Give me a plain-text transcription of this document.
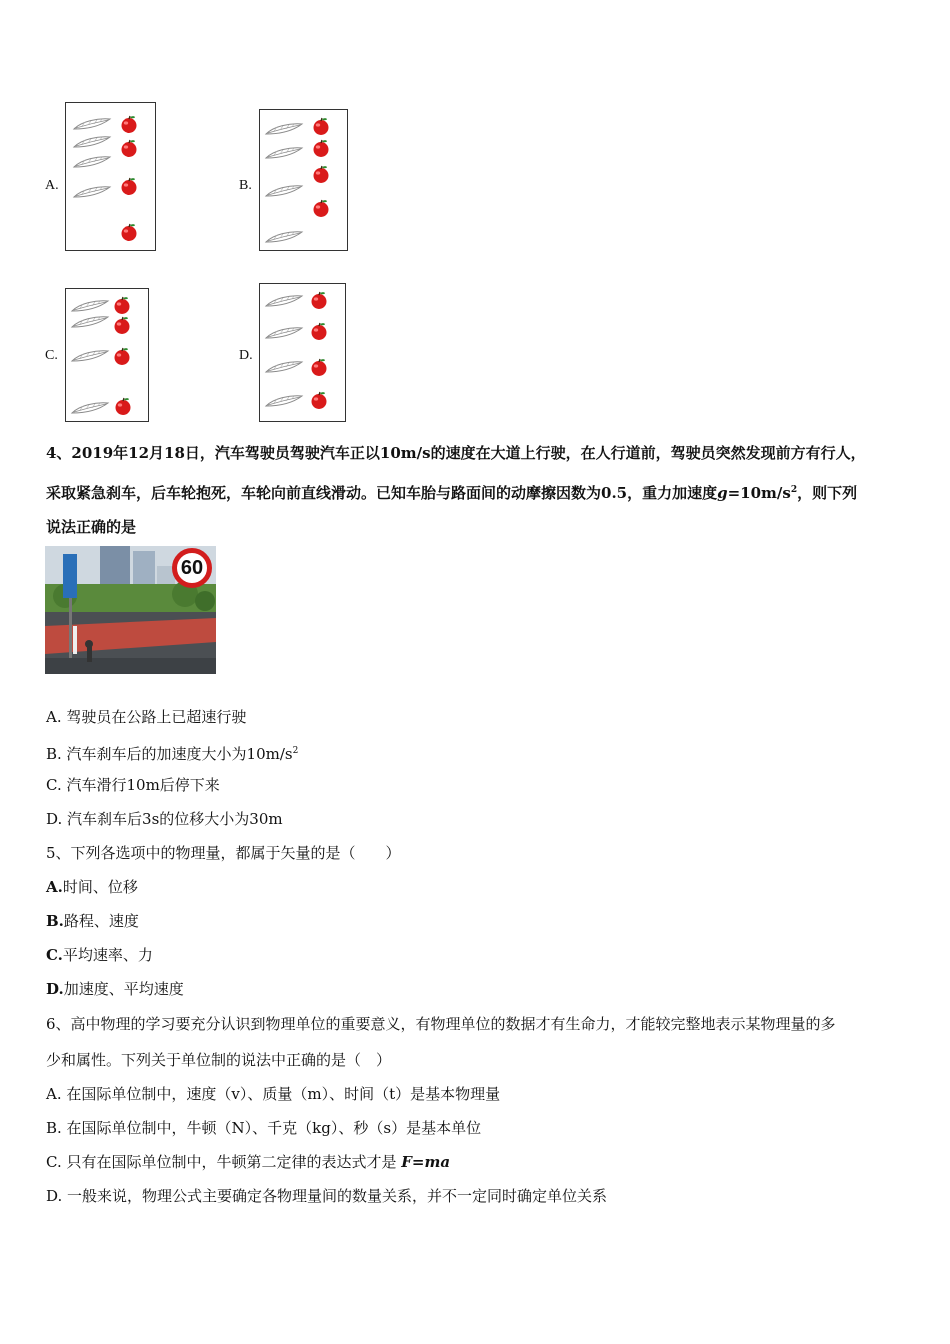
A.	B.
C.	D.
4、2019年12月18日，汽车驾驶员驾驶汽车正以10m/s的速度在大道上行驶，在人行道前，驾驶员突然发现前方有行人，
采取紧急刹车，后车轮抱死，车轮向前直线滑动。已知车胎与路面间的动摩擦因数为0.5，重力加速度$g=10m/s^2$，则下列
说法正确的是
60
A. 驾驶员在公路上已超速行驶
B. 汽车刹车后的加速度大小为$10m/s^2$
C. 汽车滑行10m后停下来
D. 汽车刹车后3s的位移大小为30m
5、下列各选项中的物理量，都属于矢量的是（　　）
A.时间、位移
B.路程、速度
C.平均速率、力
D.加速度、平均速度
6、高中物理的学习要充分认识到物理单位的重要意义，有物理单位的数据才有生命力，才能较完整地表示某物理量的多
少和属性。下列关于单位制的说法中正确的是（　）
A. 在国际单位制中，速度（v）、质量（m）、时间（t）是基本物理量
B. 在国际单位制中，牛顿（N）、千克（kg）、秒（s）是基本单位
C. 只有在国际单位制中，牛顿第二定律的表达式才是 F=ma
D. 一般来说，物理公式主要确定各物理量间的数量关系，并不一定同时确定单位关系
